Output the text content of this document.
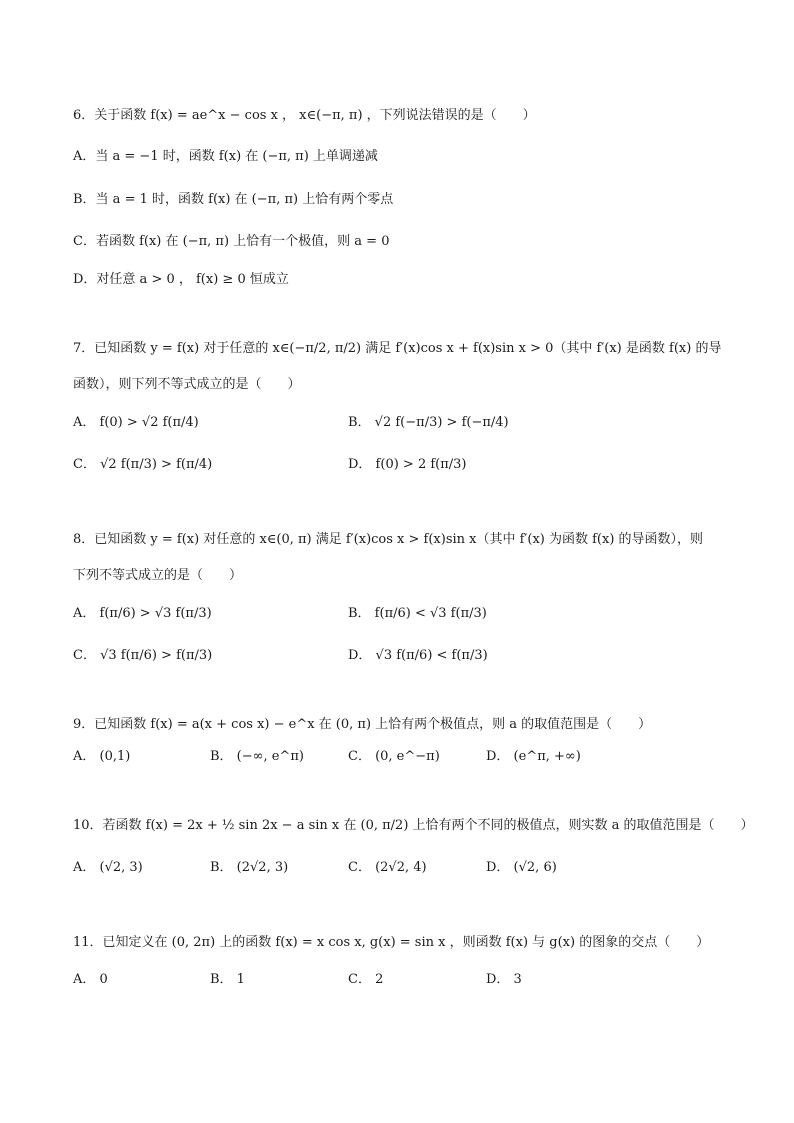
6．关于函数 f(x) = ae^x − cos x ， x∈(−π, π) ，下列说法错误的是（　　）
A．当 a = −1 时，函数 f(x) 在 (−π, π) 上单调递减
B．当 a = 1 时，函数 f(x) 在 (−π, π) 上恰有两个零点
C．若函数 f(x) 在 (−π, π) 上恰有一个极值，则 a = 0
D．对任意 a > 0 ， f(x) ≥ 0 恒成立
7．已知函数 y = f(x) 对于任意的 x∈(−π/2, π/2) 满足 f′(x)cos x + f(x)sin x > 0（其中 f′(x) 是函数 f(x) 的导
函数），则下列不等式成立的是（　　）
A． f(0) > √2 f(π/4)	B． √2 f(−π/3) > f(−π/4)
C． √2 f(π/3) > f(π/4)	D． f(0) > 2 f(π/3)
8．已知函数 y = f(x) 对任意的 x∈(0, π) 满足 f′(x)cos x > f(x)sin x（其中 f′(x) 为函数 f(x) 的导函数），则
下列不等式成立的是（　　）
A． f(π/6) > √3 f(π/3)	B． f(π/6) < √3 f(π/3)
C． √3 f(π/6) > f(π/3)	D． √3 f(π/6) < f(π/3)
9．已知函数 f(x) = a(x + cos x) − e^x 在 (0, π) 上恰有两个极值点，则 a 的取值范围是（　　）
A． (0,1)	B． (−∞, e^π)	C． (0, e^−π)	D． (e^π, +∞)
10．若函数 f(x) = 2x + ½ sin 2x − a sin x 在 (0, π/2) 上恰有两个不同的极值点，则实数 a 的取值范围是（　　）
A． (√2, 3)	B． (2√2, 3)	C． (2√2, 4)	D． (√2, 6)
11．已知定义在 (0, 2π) 上的函数 f(x) = x cos x, g(x) = sin x ，则函数 f(x) 与 g(x) 的图象的交点（　　）
A． 0	B． 1	C． 2	D． 3
